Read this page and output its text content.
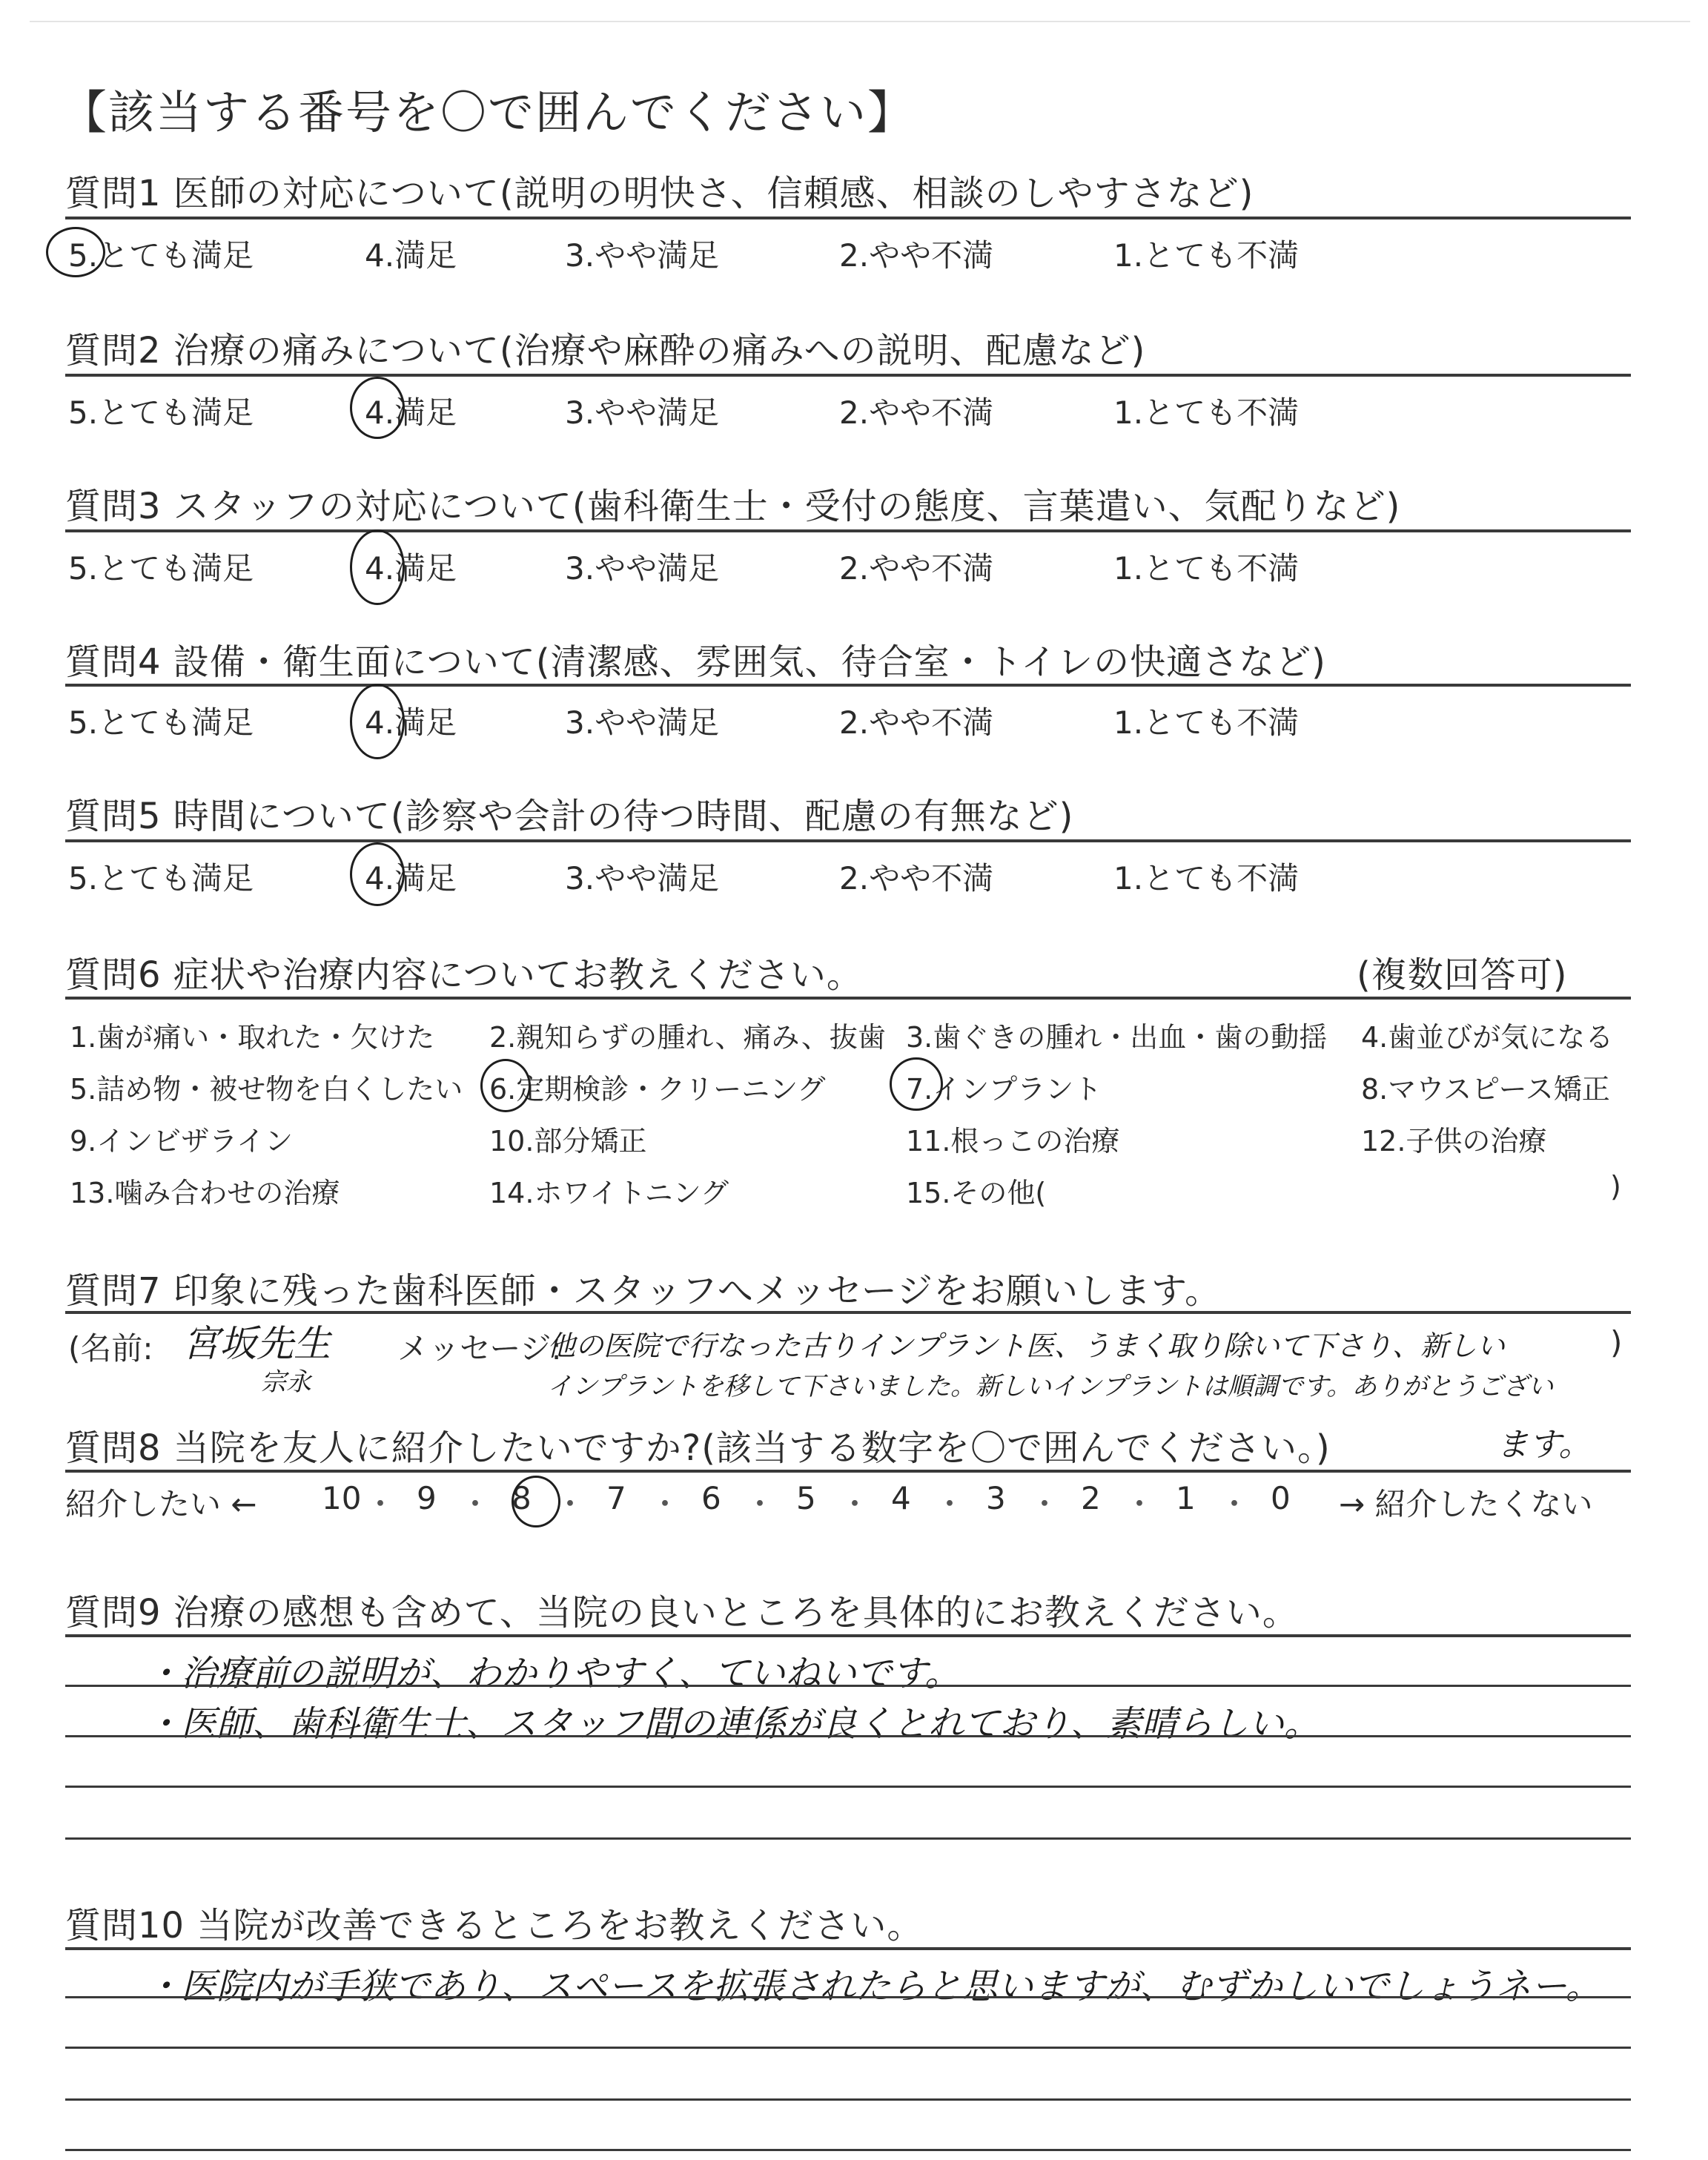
【該当する番号を〇で囲んでください】
質問1 医師の対応について(説明の明快さ、信頼感、相談のしやすさなど)
5.とても満足	4.満足	3.やや満足	2.やや不満	1.とても不満
質問2 治療の痛みについて(治療や麻酔の痛みへの説明、配慮など)
5.とても満足	4.満足	3.やや満足	2.やや不満	1.とても不満
質問3 スタッフの対応について(歯科衛生士・受付の態度、言葉遣い、気配りなど)
5.とても満足	4.満足	3.やや満足	2.やや不満	1.とても不満
質問4 設備・衛生面について(清潔感、雰囲気、待合室・トイレの快適さなど)
5.とても満足	4.満足	3.やや満足	2.やや不満	1.とても不満
質問5 時間について(診察や会計の待つ時間、配慮の有無など)
5.とても満足	4.満足	3.やや満足	2.やや不満	1.とても不満
質問6 症状や治療内容についてお教えください。	(複数回答可)
1.歯が痛い・取れた・欠けた 2.親知らずの腫れ、痛み、抜歯 3.歯ぐきの腫れ・出血・歯の動揺 4.歯並びが気になる
5.詰め物・被せ物を白くしたい 6.定期検診・クリーニング	7.インプラント	8.マウスピース矯正
9.インビザライン	10.部分矯正	11.根っこの治療	12.子供の治療
13.噛み合わせの治療	14.ホワイトニング	15.その他(	)
質問7 印象に残った歯科医師・スタッフへメッセージをお願いします。
(名前: 宮坂先生
宗永
メッセージ:
他の医院で行なった古りインプラント医、うまく取り除いて下さり、新しい	)
インプラントを移して下さいました。新しいインプラントは順調です。ありがとうござい
質問8 当院を友人に紹介したいですか?(該当する数字を〇で囲んでください。)	ます。
紹介したい ←	→ 紹介したくない
10 ・ 9 ・ 8 ・ 7 ・ 6 ・ 5 ・ 4 ・ 3 ・ 2 ・ 1 ・ 0
質問9 治療の感想も含めて、当院の良いところを具体的にお教えください。
・治療前の説明が、わかりやすく、ていねいです。
・医師、歯科衛生士、スタッフ間の連係が良くとれており、素晴らしい。
質問10 当院が改善できるところをお教えください。
・医院内が手狭であり、スペースを拡張されたらと思いますが、むずかしいでしょうネー。
